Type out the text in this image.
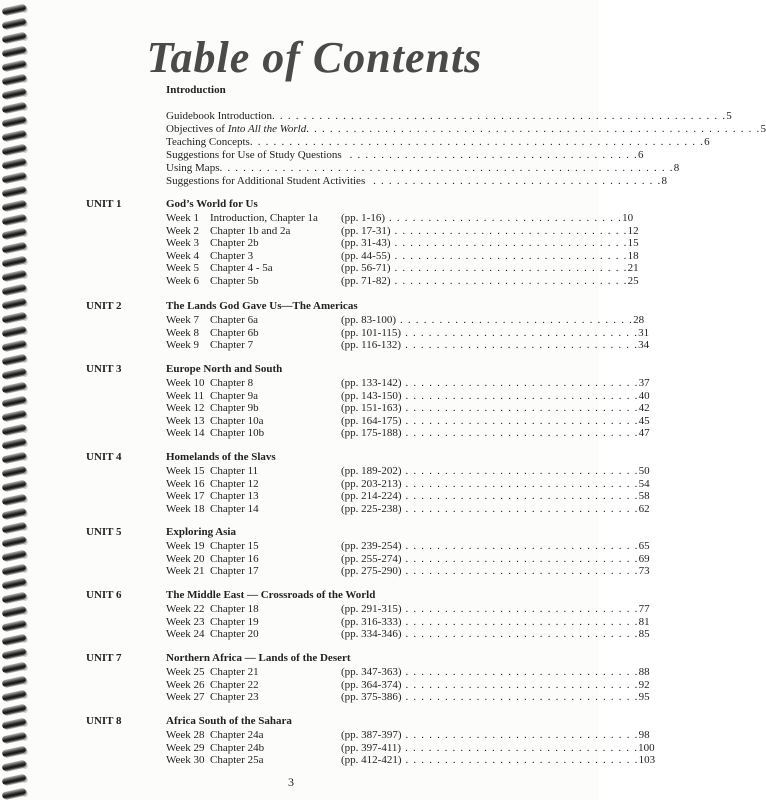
Table of Contents
Introduction
Guidebook Introduction . . . . . . . . . . . . . . . . . . . . . . . . . . . . . . . . . . . . . . . . . . . . . . . . . . . . . . . . . . 5
Objectives of Into All the World . . . . . . . . . . . . . . . . . . . . . . . . . . . . . . . . . . . . . . . . . . . . . . . . . . . . . . . . . . 5
Teaching Concepts . . . . . . . . . . . . . . . . . . . . . . . . . . . . . . . . . . . . . . . . . . . . . . . . . . . . . . . . . . 6
Suggestions for Use of Study Questions . . . . . . . . . . . . . . . . . . . . . . . . . . . . . . . . . . . . . 6
Using Maps . . . . . . . . . . . . . . . . . . . . . . . . . . . . . . . . . . . . . . . . . . . . . . . . . . . . . . . . . . 8
Suggestions for Additional Student Activities . . . . . . . . . . . . . . . . . . . . . . . . . . . . . . . . . . . . . 8
UNIT 1	God’s World for Us
Week 1 Introduction, Chapter 1a	(pp. 1-16) . . . . . . . . . . . . . . . . . . . . . . . . . . . . . . 10
Week 2 Chapter 1b and 2a	(pp. 17-31) . . . . . . . . . . . . . . . . . . . . . . . . . . . . . . 12
Week 3 Chapter 2b	(pp. 31-43) . . . . . . . . . . . . . . . . . . . . . . . . . . . . . . 15
Week 4 Chapter 3	(pp. 44-55) . . . . . . . . . . . . . . . . . . . . . . . . . . . . . . 18
Week 5 Chapter 4 - 5a	(pp. 56-71) . . . . . . . . . . . . . . . . . . . . . . . . . . . . . . 21
Week 6 Chapter 5b	(pp. 71-82) . . . . . . . . . . . . . . . . . . . . . . . . . . . . . . 25
UNIT 2	The Lands God Gave Us—The Americas
Week 7 Chapter 6a	(pp. 83-100) . . . . . . . . . . . . . . . . . . . . . . . . . . . . . . 28
Week 8 Chapter 6b	(pp. 101-115) . . . . . . . . . . . . . . . . . . . . . . . . . . . . . . 31
Week 9 Chapter 7	(pp. 116-132) . . . . . . . . . . . . . . . . . . . . . . . . . . . . . . 34
UNIT 3	Europe North and South
Week 10 Chapter 8	(pp. 133-142) . . . . . . . . . . . . . . . . . . . . . . . . . . . . . . 37
Week 11 Chapter 9a	(pp. 143-150) . . . . . . . . . . . . . . . . . . . . . . . . . . . . . . 40
Week 12 Chapter 9b	(pp. 151-163) . . . . . . . . . . . . . . . . . . . . . . . . . . . . . . 42
Week 13 Chapter 10a	(pp. 164-175) . . . . . . . . . . . . . . . . . . . . . . . . . . . . . . 45
Week 14 Chapter 10b	(pp. 175-188) . . . . . . . . . . . . . . . . . . . . . . . . . . . . . . 47
UNIT 4	Homelands of the Slavs
Week 15 Chapter 11	(pp. 189-202) . . . . . . . . . . . . . . . . . . . . . . . . . . . . . . 50
Week 16 Chapter 12	(pp. 203-213) . . . . . . . . . . . . . . . . . . . . . . . . . . . . . . 54
Week 17 Chapter 13	(pp. 214-224) . . . . . . . . . . . . . . . . . . . . . . . . . . . . . . 58
Week 18 Chapter 14	(pp. 225-238) . . . . . . . . . . . . . . . . . . . . . . . . . . . . . . 62
UNIT 5	Exploring Asia
Week 19 Chapter 15	(pp. 239-254) . . . . . . . . . . . . . . . . . . . . . . . . . . . . . . 65
Week 20 Chapter 16	(pp. 255-274) . . . . . . . . . . . . . . . . . . . . . . . . . . . . . . 69
Week 21 Chapter 17	(pp. 275-290) . . . . . . . . . . . . . . . . . . . . . . . . . . . . . . 73
UNIT 6	The Middle East — Crossroads of the World
Week 22 Chapter 18	(pp. 291-315) . . . . . . . . . . . . . . . . . . . . . . . . . . . . . . 77
Week 23 Chapter 19	(pp. 316-333) . . . . . . . . . . . . . . . . . . . . . . . . . . . . . . 81
Week 24 Chapter 20	(pp. 334-346) . . . . . . . . . . . . . . . . . . . . . . . . . . . . . . 85
UNIT 7	Northern Africa — Lands of the Desert
Week 25 Chapter 21	(pp. 347-363) . . . . . . . . . . . . . . . . . . . . . . . . . . . . . . 88
Week 26 Chapter 22	(pp. 364-374) . . . . . . . . . . . . . . . . . . . . . . . . . . . . . . 92
Week 27 Chapter 23	(pp. 375-386) . . . . . . . . . . . . . . . . . . . . . . . . . . . . . . 95
UNIT 8	Africa South of the Sahara
Week 28 Chapter 24a	(pp. 387-397) . . . . . . . . . . . . . . . . . . . . . . . . . . . . . . 98
Week 29 Chapter 24b	(pp. 397-411) . . . . . . . . . . . . . . . . . . . . . . . . . . . . . . 100
Week 30 Chapter 25a	(pp. 412-421) . . . . . . . . . . . . . . . . . . . . . . . . . . . . . . 103
3
